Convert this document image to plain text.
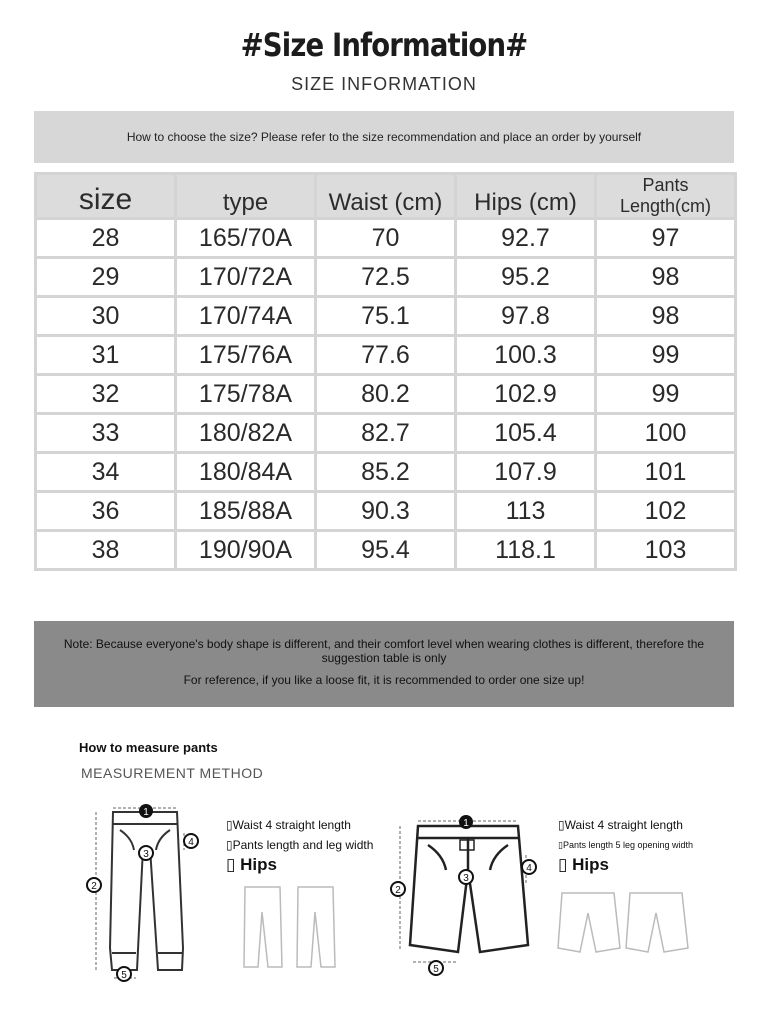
#Size Information#
SIZE INFORMATION
How to choose the size? Please refer to the size recommendation and place an order by yourself
size	type	Waist (cm)	Hips (cm)	Pants Length(cm)
28	165/70A	70	92.7	97
29	170/72A	72.5	95.2	98
30	170/74A	75.1	97.8	98
31	175/76A	77.6	100.3	99
32	175/78A	80.2	102.9	99
33	180/82A	82.7	105.4	100
34	180/84A	85.2	107.9	101
36	185/88A	90.3	113	102
38	190/90A	95.4	118.1	103
Note: Because everyone's body shape is different, and their comfort level when wearing clothes is different, therefore the suggestion table is only
For reference, if you like a loose fit, it is recommended to order one size up!
How to measure pants
MEASUREMENT METHOD
1
2
3
4
5
▯Waist 4 straight length
▯Pants length and leg width
▯ Hips
1
2
3
4
5
▯Waist 4 straight length
▯Pants length 5 leg opening width
▯ Hips
